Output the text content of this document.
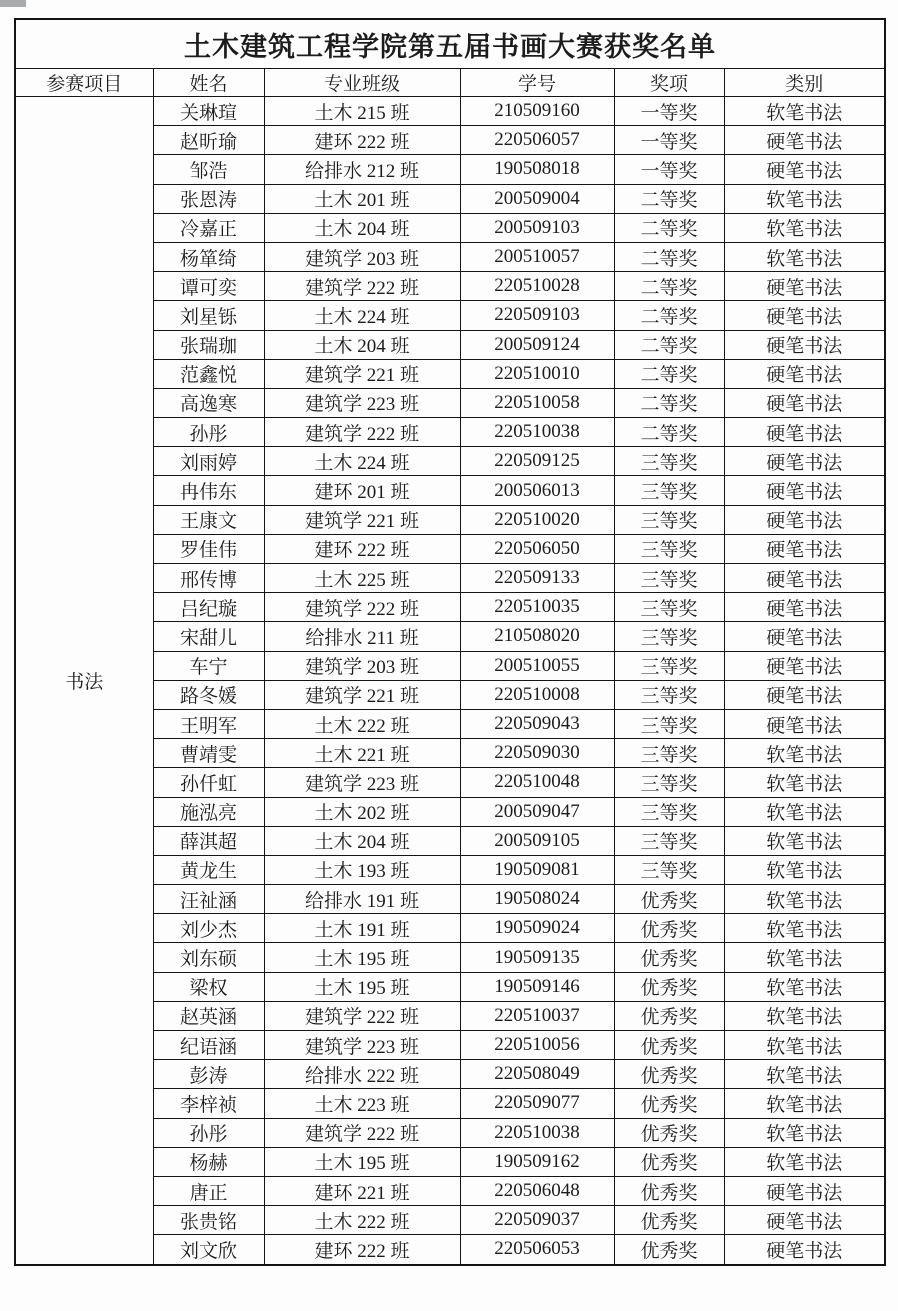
土木建筑工程学院第五届书画大赛获奖名单					
参赛项目	姓名	专业班级	学号	奖项	类别
书法	关琳瑄	土木 215 班	210509160	一等奖	软笔书法
	赵昕瑜	建环 222 班	220506057	一等奖	硬笔书法
	邹浩	给排水 212 班	190508018	一等奖	硬笔书法
	张恩涛	土木 201 班	200509004	二等奖	软笔书法
	冷嘉正	土木 204 班	200509103	二等奖	软笔书法
	杨箪绮	建筑学 203 班	200510057	二等奖	软笔书法
	谭可奕	建筑学 222 班	220510028	二等奖	硬笔书法
	刘星铄	土木 224 班	220509103	二等奖	硬笔书法
	张瑞珈	土木 204 班	200509124	二等奖	硬笔书法
	范鑫悦	建筑学 221 班	220510010	二等奖	硬笔书法
	高逸寒	建筑学 223 班	220510058	二等奖	硬笔书法
	孙彤	建筑学 222 班	220510038	二等奖	硬笔书法
	刘雨婷	土木 224 班	220509125	三等奖	硬笔书法
	冉伟东	建环 201 班	200506013	三等奖	硬笔书法
	王康文	建筑学 221 班	220510020	三等奖	硬笔书法
	罗佳伟	建环 222 班	220506050	三等奖	硬笔书法
	邢传博	土木 225 班	220509133	三等奖	硬笔书法
	吕纪璇	建筑学 222 班	220510035	三等奖	硬笔书法
	宋甜儿	给排水 211 班	210508020	三等奖	硬笔书法
	车宁	建筑学 203 班	200510055	三等奖	硬笔书法
	路冬媛	建筑学 221 班	220510008	三等奖	硬笔书法
	王明军	土木 222 班	220509043	三等奖	硬笔书法
	曹靖雯	土木 221 班	220509030	三等奖	软笔书法
	孙仟虹	建筑学 223 班	220510048	三等奖	软笔书法
	施泓亮	土木 202 班	200509047	三等奖	软笔书法
	薛淇超	土木 204 班	200509105	三等奖	软笔书法
	黄龙生	土木 193 班	190509081	三等奖	软笔书法
	汪祉涵	给排水 191 班	190508024	优秀奖	软笔书法
	刘少杰	土木 191 班	190509024	优秀奖	软笔书法
	刘东硕	土木 195 班	190509135	优秀奖	软笔书法
	梁权	土木 195 班	190509146	优秀奖	软笔书法
	赵英涵	建筑学 222 班	220510037	优秀奖	软笔书法
	纪语涵	建筑学 223 班	220510056	优秀奖	软笔书法
	彭涛	给排水 222 班	220508049	优秀奖	软笔书法
	李梓祯	土木 223 班	220509077	优秀奖	软笔书法
	孙彤	建筑学 222 班	220510038	优秀奖	软笔书法
	杨赫	土木 195 班	190509162	优秀奖	软笔书法
	唐正	建环 221 班	220506048	优秀奖	硬笔书法
	张贵铭	土木 222 班	220509037	优秀奖	硬笔书法
	刘文欣	建环 222 班	220506053	优秀奖	硬笔书法
